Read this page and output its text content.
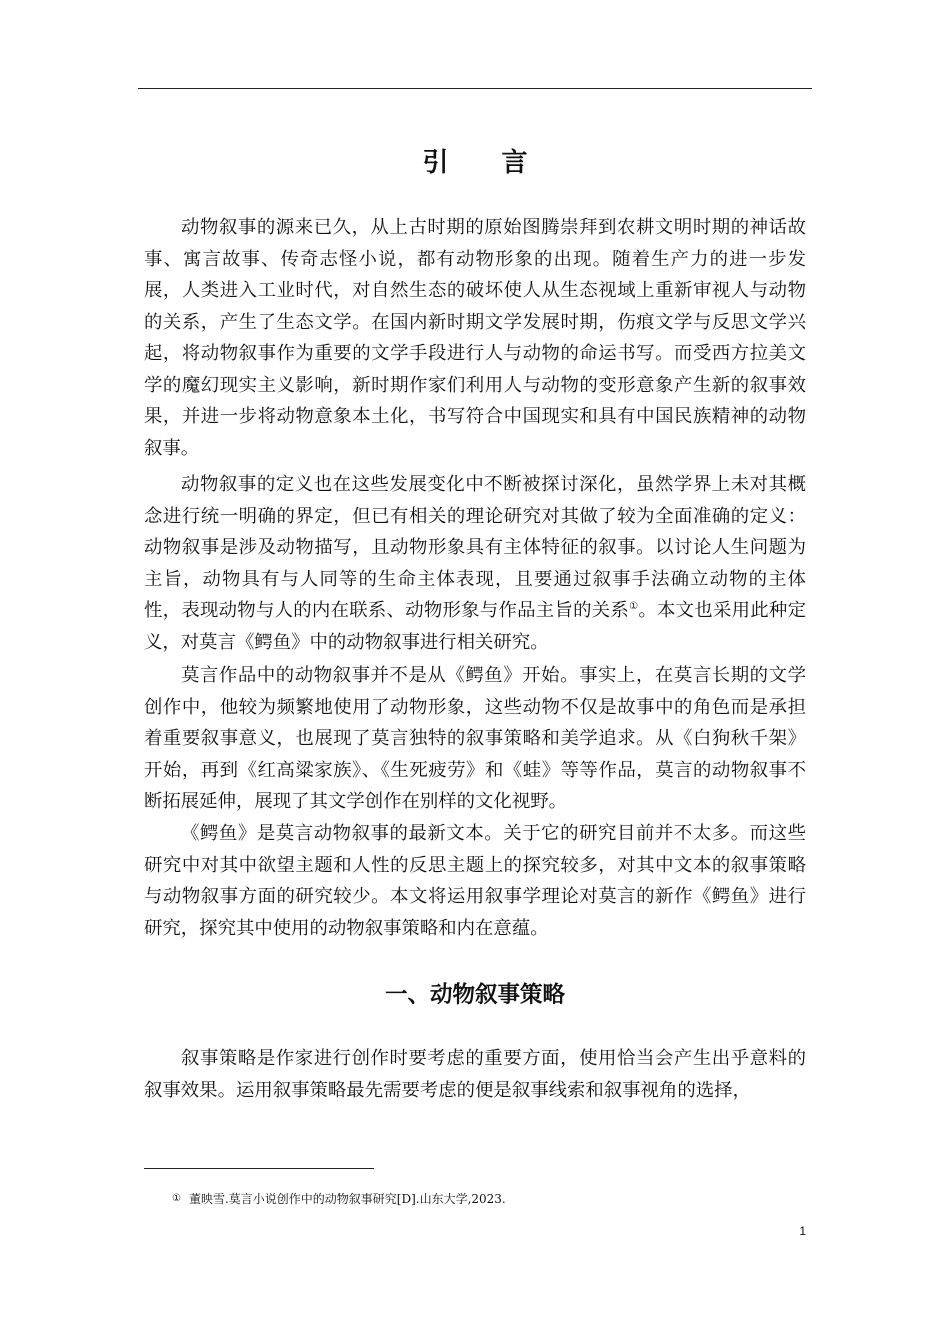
引 言

动物叙事的源来已久，从上古时期的原始图腾崇拜到农耕文明时期的神话故事、寓言故事、传奇志怪小说，都有动物形象的出现。随着生产力的进一步发展，人类进入工业时代，对自然生态的破坏使人从生态视域上重新审视人与动物的关系，产生了生态文学。在国内新时期文学发展时期，伤痕文学与反思文学兴起，将动物叙事作为重要的文学手段进行人与动物的命运书写。而受西方拉美文学的魔幻现实主义影响，新时期作家们利用人与动物的变形意象产生新的叙事效果，并进一步将动物意象本土化，书写符合中国现实和具有中国民族精神的动物叙事。

动物叙事的定义也在这些发展变化中不断被探讨深化，虽然学界上未对其概念进行统一明确的界定，但已有相关的理论研究对其做了较为全面准确的定义：动物叙事是涉及动物描写，且动物形象具有主体特征的叙事。以讨论人生问题为主旨，动物具有与人同等的生命主体表现，且要通过叙事手法确立动物的主体性，表现动物与人的内在联系、动物形象与作品主旨的关系①。本文也采用此种定义，对莫言《鳄鱼》中的动物叙事进行相关研究。

莫言作品中的动物叙事并不是从《鳄鱼》开始。事实上，在莫言长期的文学创作中，他较为频繁地使用了动物形象，这些动物不仅是故事中的角色而是承担着重要叙事意义，也展现了莫言独特的叙事策略和美学追求。从《白狗秋千架》开始，再到《红高粱家族》、《生死疲劳》和《蛙》等等作品，莫言的动物叙事不断拓展延伸，展现了其文学创作在别样的文化视野。

《鳄鱼》是莫言动物叙事的最新文本。关于它的研究目前并不太多。而这些研究中对其中欲望主题和人性的反思主题上的探究较多，对其中文本的叙事策略与动物叙事方面的研究较少。本文将运用叙事学理论对莫言的新作《鳄鱼》进行研究，探究其中使用的动物叙事策略和内在意蕴。

一、动物叙事策略

叙事策略是作家进行创作时要考虑的重要方面，使用恰当会产生出乎意料的叙事效果。运用叙事策略最先需要考虑的便是叙事线索和叙事视角的选择，

① 董映雪.莫言小说创作中的动物叙事研究[D].山东大学,2023.
1
